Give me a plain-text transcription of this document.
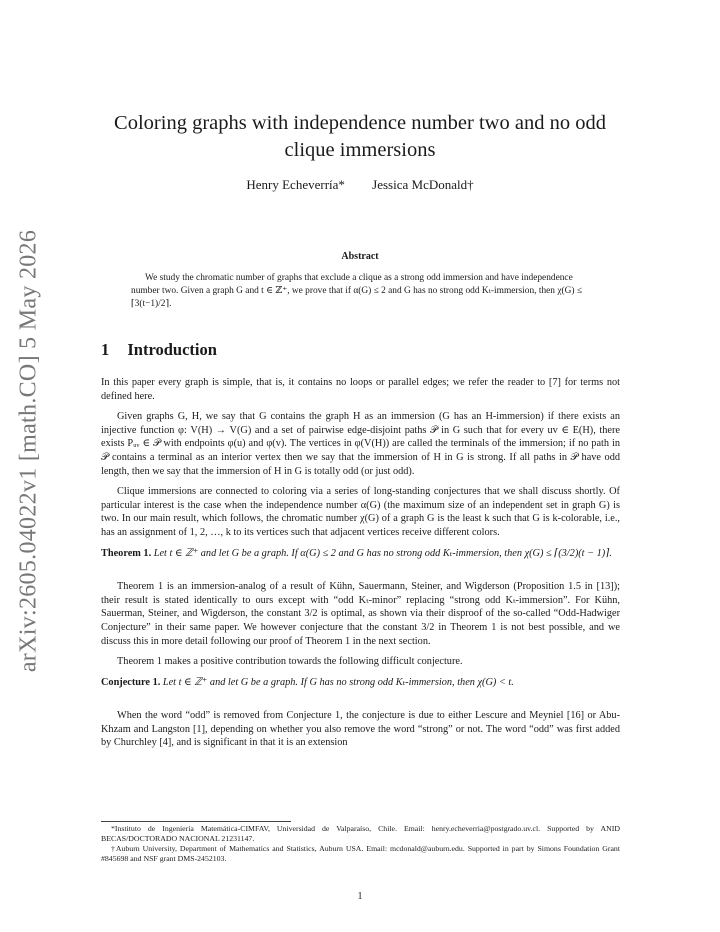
arXiv:2605.04022v1 [math.CO] 5 May 2026
Coloring graphs with independence number two and no odd
clique immersions
Henry Echeverría* Jessica McDonald†
Abstract

We study the chromatic number of graphs that exclude a clique as a strong odd immersion and have independence number two. Given a graph G and t ∈ ℤ⁺, we prove that if α(G) ≤ 2 and G has no strong odd Kₜ-immersion, then χ(G) ≤ ⌈3(t−1)/2⌉.

1 Introduction

In this paper every graph is simple, that is, it contains no loops or parallel edges; we refer the reader to [7] for terms not defined here.

Given graphs G, H, we say that G contains the graph H as an immersion (G has an H-immersion) if there exists an injective function φ: V(H) → V(G) and a set of pairwise edge-disjoint paths 𝒫 in G such that for every uv ∈ E(H), there exists Pᵤᵥ ∈ 𝒫 with endpoints φ(u) and φ(v). The vertices in φ(V(H)) are called the terminals of the immersion; if no path in 𝒫 contains a terminal as an interior vertex then we say that the immersion of H in G is strong. If all paths in 𝒫 have odd length, then we say that the immersion of H in G is totally odd (or just odd).

Clique immersions are connected to coloring via a series of long-standing conjectures that we shall discuss shortly. Of particular interest is the case when the independence number α(G) (the maximum size of an independent set in graph G) is two. In our main result, which follows, the chromatic number χ(G) of a graph G is the least k such that G is k-colorable, i.e., has an assignment of 1, 2, …, k to its vertices such that adjacent vertices receive different colors.

Theorem 1. Let t ∈ ℤ⁺ and let G be a graph. If α(G) ≤ 2 and G has no strong odd Kₜ-immersion, then χ(G) ≤ ⌈(3/2)(t − 1)⌉.

Theorem 1 is an immersion-analog of a result of Kühn, Sauermann, Steiner, and Wigderson (Proposition 1.5 in [13]); their result is stated identically to ours except with “odd Kₜ-minor” replacing “strong odd Kₜ-immersion”. For Kühn, Sauerman, Steiner, and Wigderson, the constant 3/2 is optimal, as shown via their disproof of the so-called “Odd-Hadwiger Conjecture” in their same paper. We however conjecture that the constant 3/2 in Theorem 1 is not best possible, and we discuss this in more detail following our proof of Theorem 1 in the next section.

Theorem 1 makes a positive contribution towards the following difficult conjecture.

Conjecture 1. Let t ∈ ℤ⁺ and let G be a graph. If G has no strong odd Kₜ-immersion, then χ(G) < t.

When the word “odd” is removed from Conjecture 1, the conjecture is due to either Lescure and Meyniel [16] or Abu-Khzam and Langston [1], depending on whether you also remove the word “strong” or not. The word “odd” was first added by Churchley [4], and is significant in that it is an extension

*Instituto de Ingeniería Matemática-CIMFAV, Universidad de Valparaíso, Chile. Email: henry.echeverria@postgrado.uv.cl. Supported by ANID BECAS/DOCTORADO NACIONAL 21231147.

†Auburn University, Department of Mathematics and Statistics, Auburn USA. Email: mcdonald@auburn.edu. Supported in part by Simons Foundation Grant #845698 and NSF grant DMS-2452103.

1
